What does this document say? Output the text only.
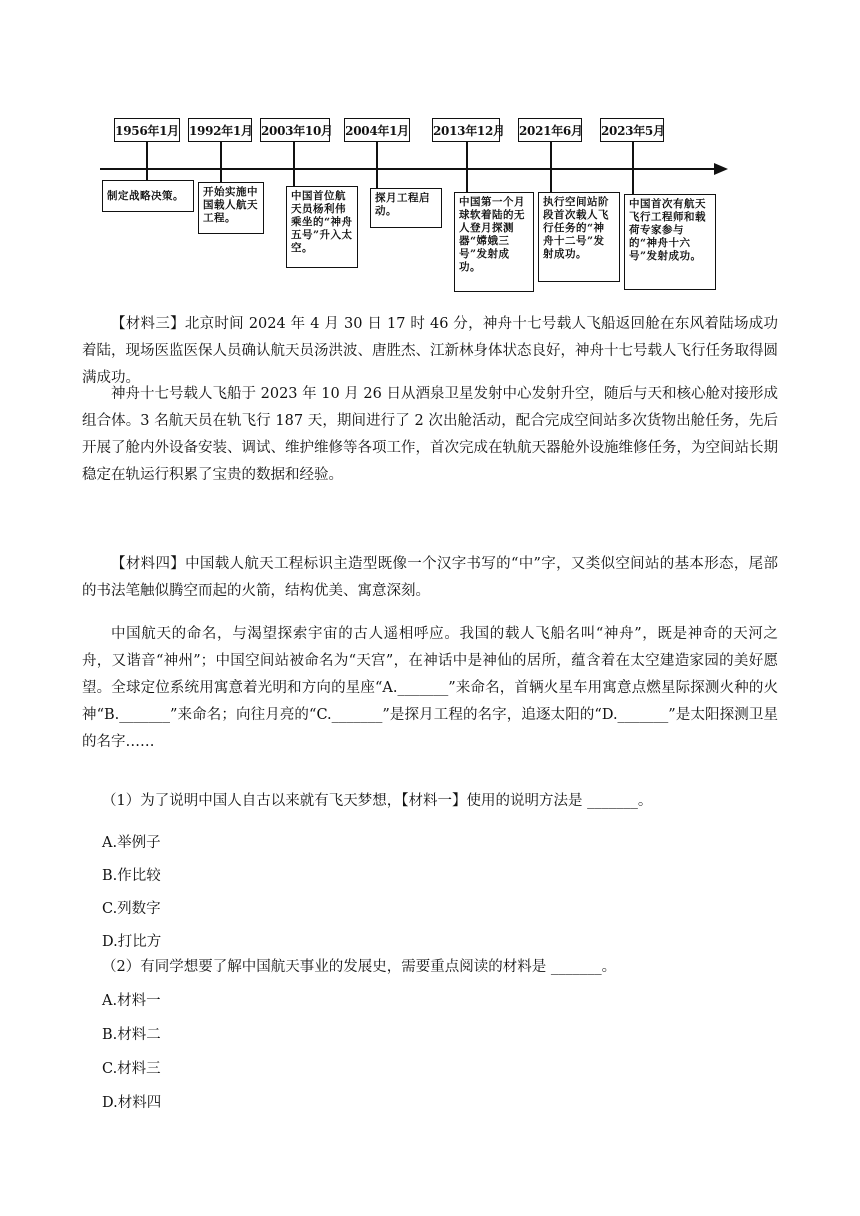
1956年1月
制定战略决策。
1992年1月
开始实施中国载人航天工程。
2003年10月
中国首位航天员杨利伟乘坐的“神舟五号”升入太空。
2004年1月
探月工程启动。
2013年12月
中国第一个月球软着陆的无人登月探测器“嫦娥三号”发射成功。
2021年6月
执行空间站阶段首次载人飞行任务的“神舟十二号”发射成功。
2023年5月
中国首次有航天飞行工程师和载荷专家参与的“神舟十六号”发射成功。

【材料三】北京时间 2024 年 4 月 30 日 17 时 46 分，神舟十七号载人飞船返回舱在东风着陆场成功着陆，现场医监医保人员确认航天员汤洪波、唐胜杰、江新林身体状态良好，神舟十七号载人飞行任务取得圆满成功。

神舟十七号载人飞船于 2023 年 10 月 26 日从酒泉卫星发射中心发射升空，随后与天和核心舱对接形成组合体。3 名航天员在轨飞行 187 天，期间进行了 2 次出舱活动，配合完成空间站多次货物出舱任务，先后开展了舱内外设备安装、调试、维护维修等各项工作，首次完成在轨航天器舱外设施维修任务，为空间站长期稳定在轨运行积累了宝贵的数据和经验。

【材料四】中国载人航天工程标识主造型既像一个汉字书写的“中”字，又类似空间站的基本形态，尾部的书法笔触似腾空而起的火箭，结构优美、寓意深刻。

中国航天的命名，与渴望探索宇宙的古人遥相呼应。我国的载人飞船名叫“神舟”，既是神奇的天河之舟，又谐音“神州”；中国空间站被命名为“天宫”，在神话中是神仙的居所，蕴含着在太空建造家园的美好愿望。全球定位系统用寓意着光明和方向的星座“A._______”来命名，首辆火星车用寓意点燃星际探测火种的火神“B._______”来命名；向往月亮的“C._______”是探月工程的名字，追逐太阳的“D._______”是太阳探测卫星的名字……

（1）为了说明中国人自古以来就有飞天梦想，【材料一】使用的说明方法是 _______。

A.举例子

B.作比较

C.列数字

D.打比方

（2）有同学想要了解中国航天事业的发展史，需要重点阅读的材料是 _______。

A.材料一

B.材料二

C.材料三

D.材料四
